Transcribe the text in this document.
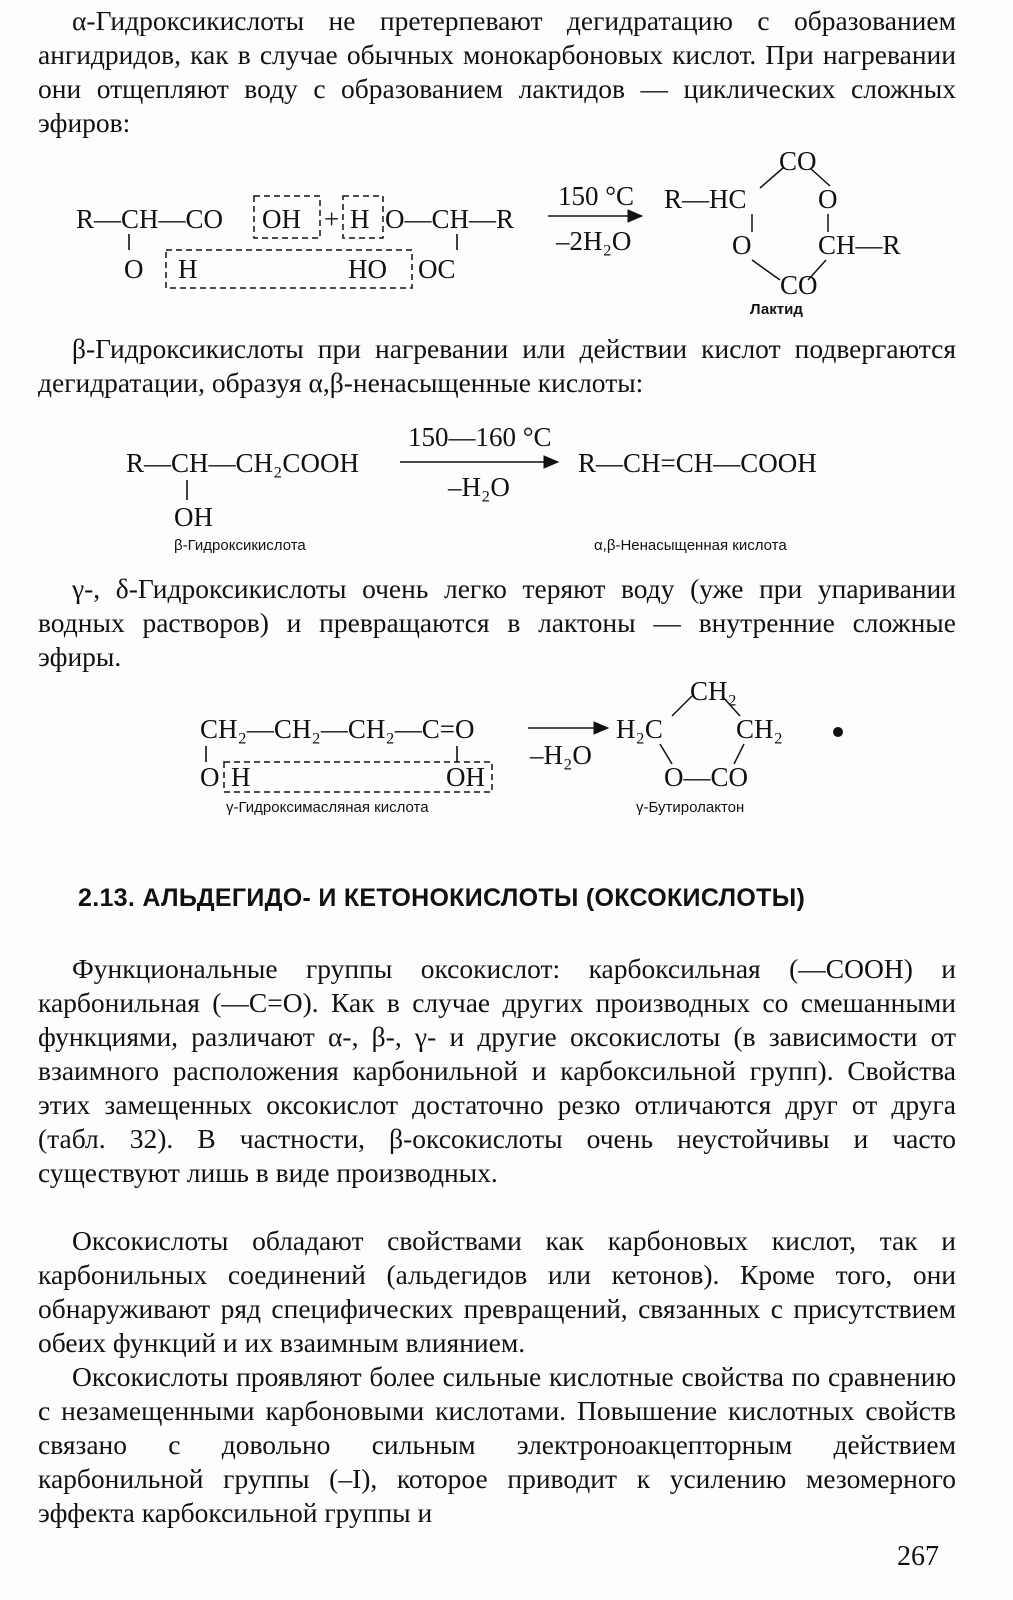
α-Гидроксикислоты не претерпевают дегидратацию с образованием ангидридов, как в случае обычных монокарбоновых кислот. При нагревании они отщепляют воду с образованием лактидов — циклических сложных эфиров:

R—CH—CO OH + H O—CH—R
O H	HO OC
150 °C
–2H₂O
CO
R—HC	O
O CH—R
CO
Лактид

β-Гидроксикислоты при нагревании или действии кислот подвергаются дегидратации, образуя α,β-ненасыщенные кислоты:

R—CH—CH₂COOH
OH
150—160 °C
–H₂O
R—CH=CH—COOH
β-Гидроксикислота	α,β-Ненасыщенная кислота

γ-, δ-Гидроксикислоты очень легко теряют воду (уже при упаривании водных растворов) и превращаются в лактоны — внутренние сложные эфиры.

CH₂—CH₂—CH₂—C=O
O H	OH
–H₂O
CH₂
H₂C	CH₂
O—CO
γ-Гидроксимасляная кислота	γ-Бутиролактон
2.13. АЛЬДЕГИДО- И КЕТОНОКИСЛОТЫ (ОКСОКИСЛОТЫ)

Функциональные группы оксокислот: карбоксильная (—COOH) и карбонильная (—C=O). Как в случае других производных со смешанными функциями, различают α-, β-, γ- и другие оксокислоты (в зависимости от взаимного расположения карбонильной и карбоксильной групп). Свойства этих замещенных оксокислот достаточно резко отличаются друг от друга (табл. 32). В частности, β-оксокислоты очень неустойчивы и часто существуют лишь в виде производных.

Оксокислоты обладают свойствами как карбоновых кислот, так и карбонильных соединений (альдегидов или кетонов). Кроме того, они обнаруживают ряд специфических превращений, связанных с присутствием обеих функций и их взаимным влиянием.

Оксокислоты проявляют более сильные кислотные свойства по сравнению с незамещенными карбоновыми кислотами. Повышение кислотных свойств связано с довольно сильным электроноакцепторным действием карбонильной группы (–I), которое приводит к усилению мезомерного эффекта карбоксильной группы и

267
